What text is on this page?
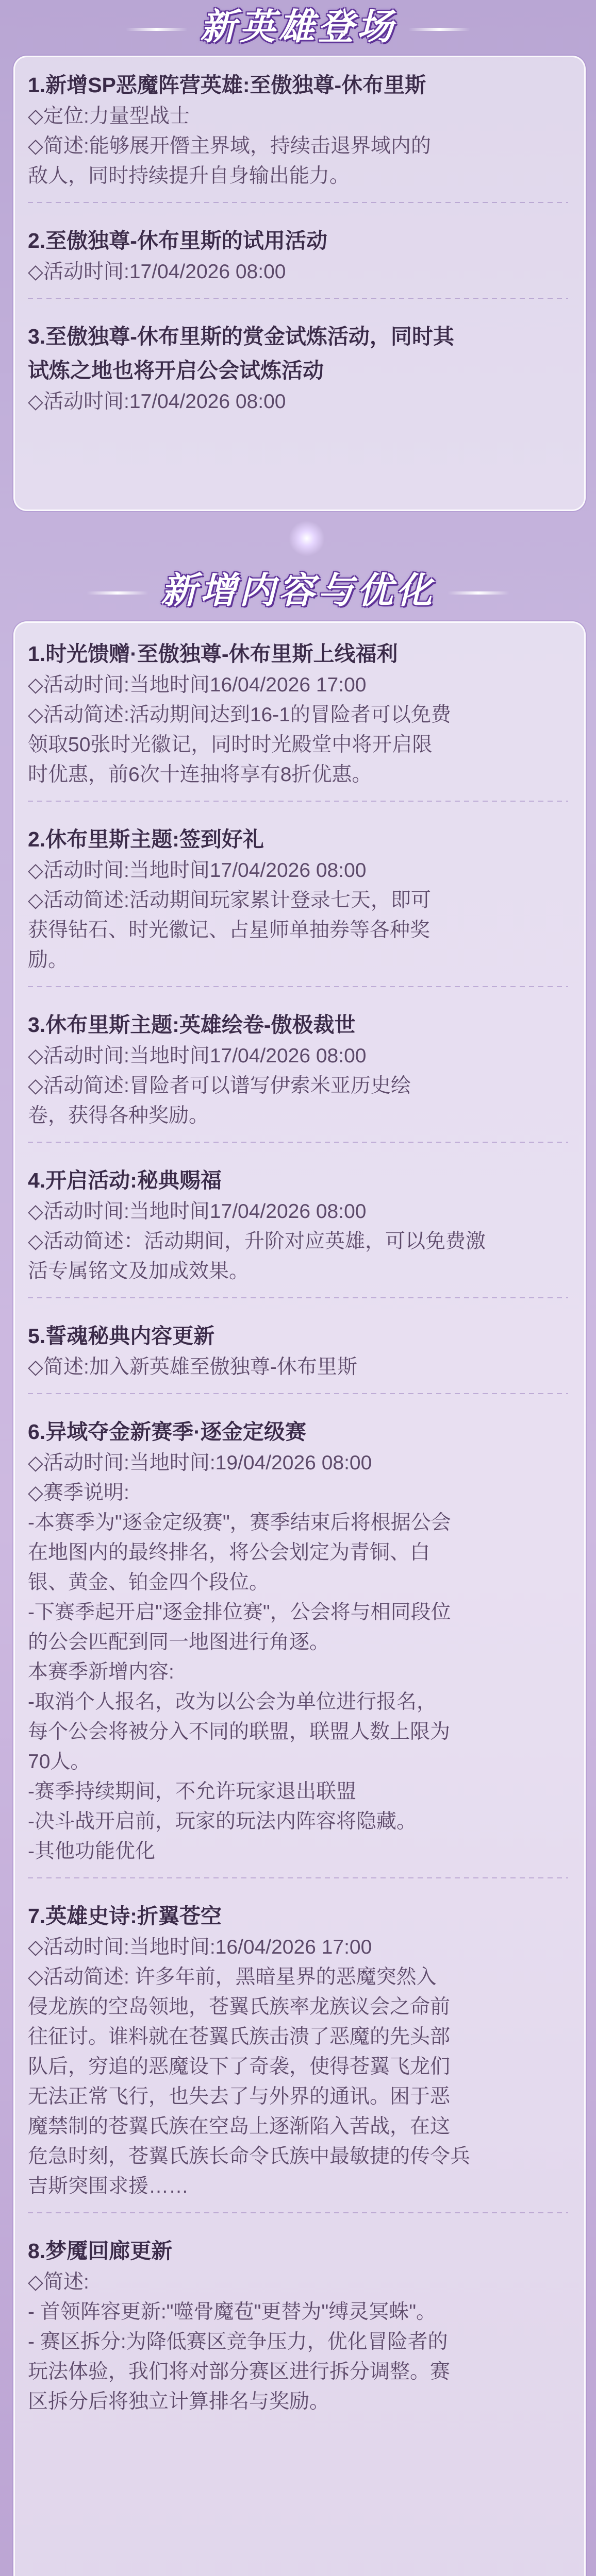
新英雄登场
1.新增SP恶魔阵营英雄:至傲独尊-休布里斯
◇定位:力量型战士
◇简述:能够展开僭主界域，持续击退界域内的
敌人，同时持续提升自身输出能力。
2.至傲独尊-休布里斯的试用活动
◇活动时间:17/04/2026 08:00
3.至傲独尊-休布里斯的赏金试炼活动，同时其
试炼之地也将开启公会试炼活动
◇活动时间:17/04/2026 08:00
新增内容与优化
1.时光馈赠·至傲独尊-休布里斯上线福利
◇活动时间:当地时间16/04/2026 17:00
◇活动简述:活动期间达到16-1的冒险者可以免费
领取50张时光徽记，同时时光殿堂中将开启限
时优惠，前6次十连抽将享有8折优惠。
2.休布里斯主题:签到好礼
◇活动时间:当地时间17/04/2026 08:00
◇活动简述:活动期间玩家累计登录七天，即可
获得钻石、时光徽记、占星师单抽券等各种奖
励。
3.休布里斯主题:英雄绘卷-傲极裁世
◇活动时间:当地时间17/04/2026 08:00
◇活动简述:冒险者可以谱写伊索米亚历史绘
卷，获得各种奖励。
4.开启活动:秘典赐福
◇活动时间:当地时间17/04/2026 08:00
◇活动简述：活动期间，升阶对应英雄，可以免费激
活专属铭文及加成效果。
5.誓魂秘典内容更新
◇简述:加入新英雄至傲独尊-休布里斯
6.异域夺金新赛季·逐金定级赛
◇活动时间:当地时间:19/04/2026 08:00
◇赛季说明:
-本赛季为"逐金定级赛"，赛季结束后将根据公会
在地图内的最终排名，将公会划定为青铜、白
银、黄金、铂金四个段位。
-下赛季起开启"逐金排位赛"，公会将与相同段位
的公会匹配到同一地图进行角逐。
本赛季新增内容:
-取消个人报名，改为以公会为单位进行报名，
每个公会将被分入不同的联盟，联盟人数上限为
70人。
-赛季持续期间，不允许玩家退出联盟
-决斗战开启前，玩家的玩法内阵容将隐藏。
-其他功能优化
7.英雄史诗:折翼苍空
◇活动时间:当地时间:16/04/2026 17:00
◇活动简述: 许多年前，黑暗星界的恶魔突然入
侵龙族的空岛领地，苍翼氏族率龙族议会之命前
往征讨。谁料就在苍翼氏族击溃了恶魔的先头部
队后，穷追的恶魔设下了奇袭，使得苍翼飞龙们
无法正常飞行，也失去了与外界的通讯。困于恶
魔禁制的苍翼氏族在空岛上逐渐陷入苦战，在这
危急时刻，苍翼氏族长命令氏族中最敏捷的传令兵
吉斯突围求援……
8.梦魇回廊更新
◇简述:
- 首领阵容更新:"噬骨魔苞"更替为"缚灵冥蛛"。
- 赛区拆分:为降低赛区竞争压力，优化冒险者的
玩法体验，我们将对部分赛区进行拆分调整。赛
区拆分后将独立计算排名与奖励。
